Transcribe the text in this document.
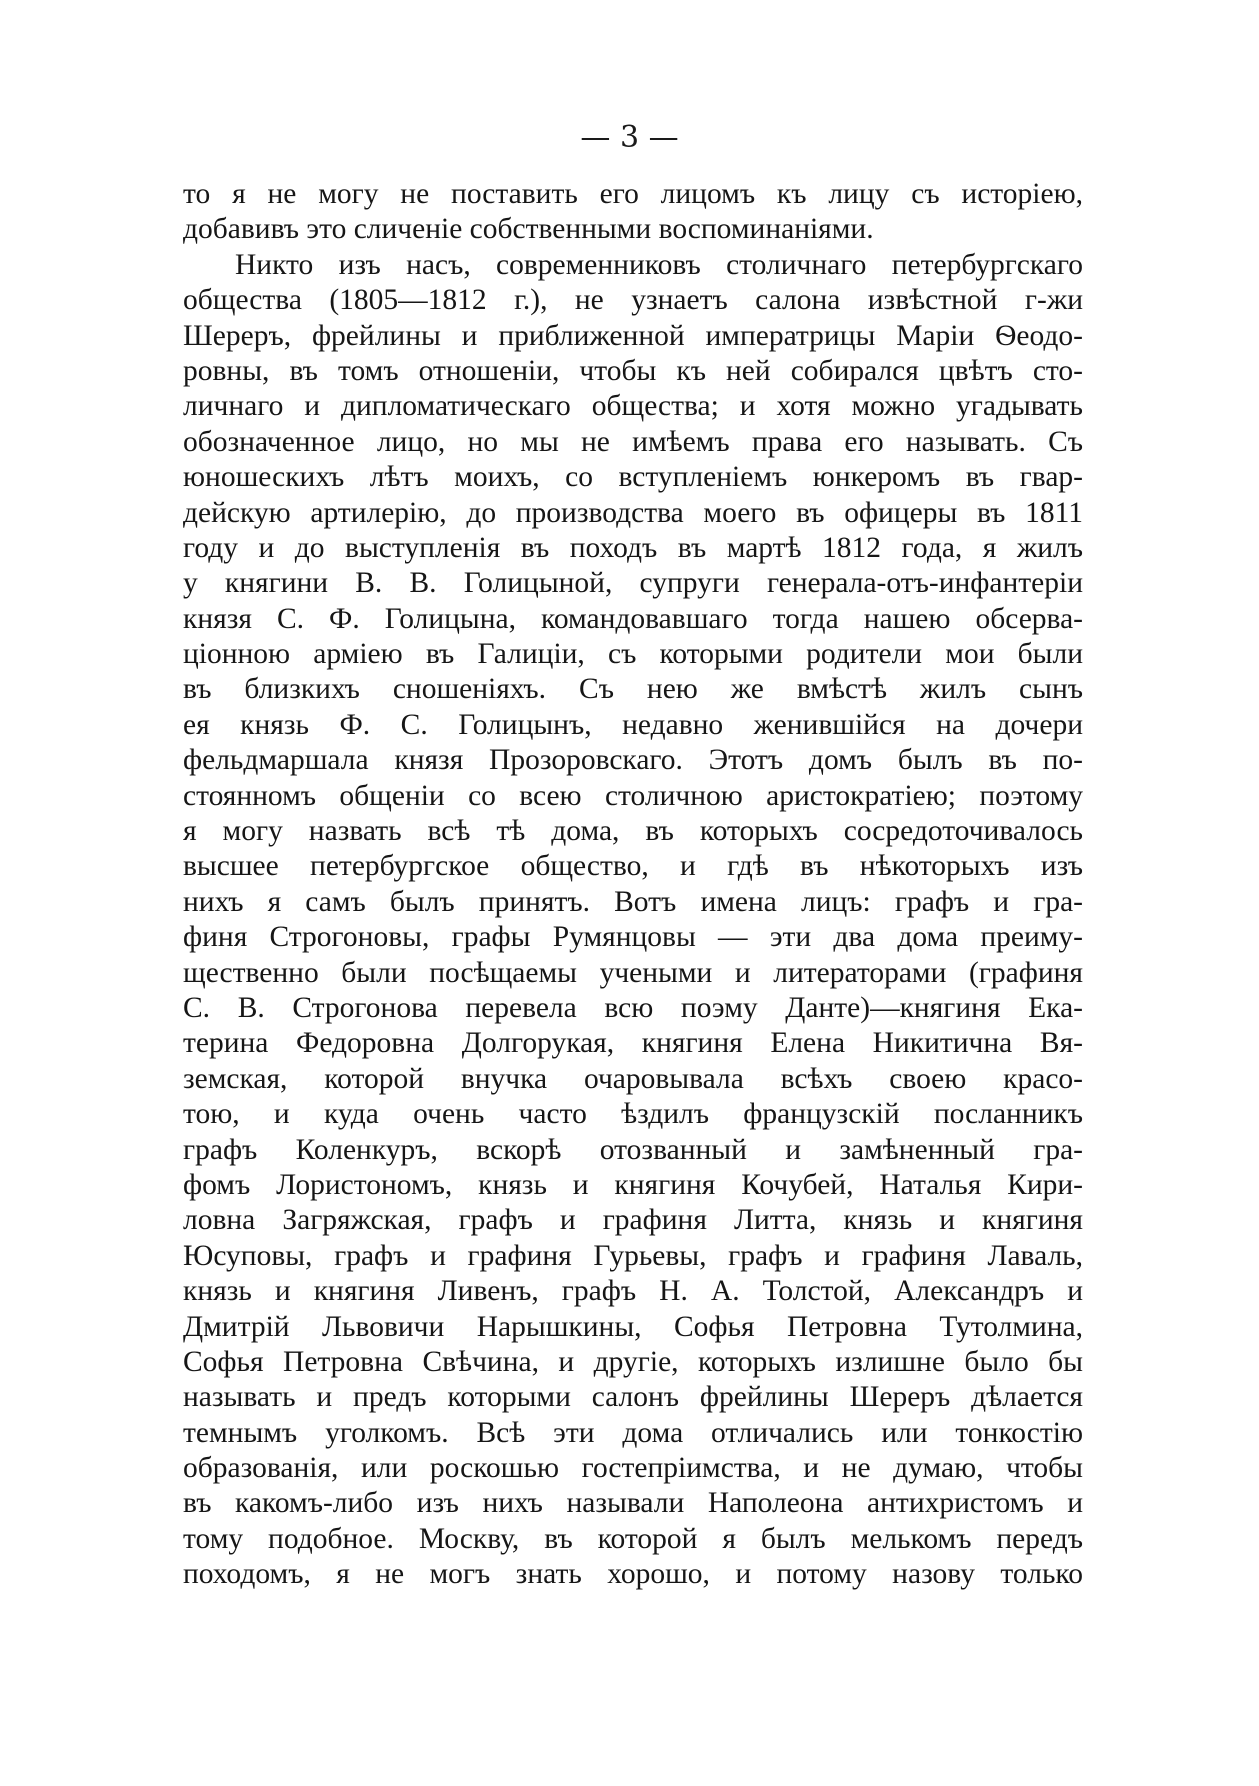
— 3 —
то я не могу не поставить его лицомъ къ лицу съ исторіею,
добавивъ это сличеніе собственными воспоминаніями.
Никто изъ насъ, современниковъ столичнаго петербургскаго
общества (1805—1812 г.), не узнаетъ салона извѣстной г-жи
Шереръ, фрейлины и приближенной императрицы Маріи Ѳеодо-
ровны, въ томъ отношеніи, чтобы къ ней собирался цвѣтъ сто-
личнаго и дипломатическаго общества; и хотя можно угадывать
обозначенное лицо, но мы не имѣемъ права его называть. Съ
юношескихъ лѣтъ моихъ, со вступленіемъ юнкеромъ въ гвар-
дейскую артилерію, до производства моего въ офицеры въ 1811
году и до выступленія въ походъ въ мартѣ 1812 года, я жилъ
у княгини В. В. Голицыной, супруги генерала-отъ-инфантеріи
князя С. Ф. Голицына, командовавшаго тогда нашею обсерва-
ціонною арміею въ Галиціи, съ которыми родители мои были
въ близкихъ сношеніяхъ. Съ нею же вмѣстѣ жилъ сынъ
ея князь Ф. С. Голицынъ, недавно женившійся на дочери
фельдмаршала князя Прозоровскаго. Этотъ домъ былъ въ по-
стоянномъ общеніи со всею столичною аристократіею; поэтому
я могу назвать всѣ тѣ дома, въ которыхъ сосредоточивалось
высшее петербургское общество, и гдѣ въ нѣкоторыхъ изъ
нихъ я самъ былъ принятъ. Вотъ имена лицъ: графъ и гра-
финя Строгоновы, графы Румянцовы — эти два дома преиму-
щественно были посѣщаемы учеными и литераторами (графиня
С. В. Строгонова перевела всю поэму Данте)—княгиня Ека-
терина Федоровна Долгорукая, княгиня Елена Никитична Вя-
земская, которой внучка очаровывала всѣхъ своею красо-
тою, и куда очень часто ѣздилъ французскій посланникъ
графъ Коленкуръ, вскорѣ отозванный и замѣненный гра-
фомъ Лористономъ, князь и княгиня Кочубей, Наталья Кири-
ловна Загряжская, графъ и графиня Литта, князь и княгиня
Юсуповы, графъ и графиня Гурьевы, графъ и графиня Лаваль,
князь и княгиня Ливенъ, графъ Н. А. Толстой, Александръ и
Дмитрій Львовичи Нарышкины, Софья Петровна Тутолмина,
Софья Петровна Свѣчина, и другіе, которыхъ излишне было бы
называть и предъ которыми салонъ фрейлины Шереръ дѣлается
темнымъ уголкомъ. Всѣ эти дома отличались или тонкостію
образованія, или роскошью гостепріимства, и не думаю, чтобы
въ какомъ-либо изъ нихъ называли Наполеона антихристомъ и
тому подобное. Москву, въ которой я былъ мелькомъ передъ
походомъ, я не могъ знать хорошо, и потому назову только
